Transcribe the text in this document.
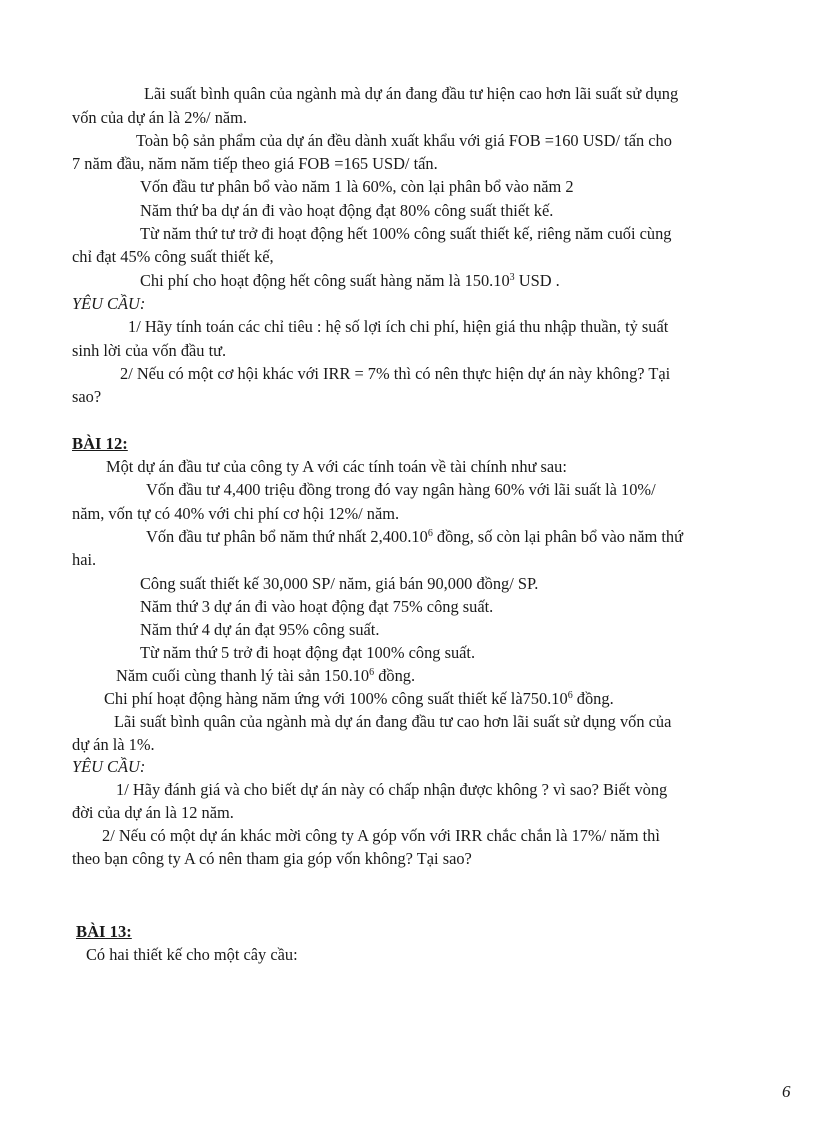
Lãi suất bình quân của ngành mà dự án đang đầu tư hiện cao hơn lãi suất sử dụng
vốn của dự án là 2%/ năm.
Toàn bộ sản phẩm của dự án đều dành xuất khẩu với giá FOB =160 USD/ tấn cho
7 năm đầu, năm năm tiếp theo giá FOB =165 USD/ tấn.
Vốn đầu tư phân bổ vào năm 1 là 60%, còn lại phân bổ vào năm 2
Năm thứ ba dự án đi vào hoạt động đạt 80% công suất thiết kế.
Từ năm thứ tư trở đi hoạt động hết 100% công suất thiết kế, riêng năm cuối cùng
chỉ đạt 45% công suất thiết kế,
Chi phí cho hoạt động hết công suất hàng năm là 150.10$^3$ USD .
YÊU CẦU:
1/ Hãy tính toán các chỉ tiêu : hệ số lợi ích chi phí, hiện giá thu nhập thuần, tỷ suất
sinh lời của vốn đầu tư.
2/ Nếu có một cơ hội khác với IRR = 7% thì có nên thực hiện dự án này không? Tại
sao?
BÀI 12:
Một dự án đầu tư của công ty A với các tính toán về tài chính như sau:
Vốn đầu tư 4,400 triệu đồng trong đó vay ngân hàng 60% với lãi suất là 10%/
năm, vốn tự có 40% với chi phí cơ hội 12%/ năm.
Vốn đầu tư phân bổ năm thứ nhất 2,400.10$^6$ đồng, số còn lại phân bổ vào năm thứ
hai.
Công suất thiết kế 30,000 SP/ năm, giá bán 90,000 đồng/ SP.
Năm thứ 3 dự án đi vào hoạt động đạt 75% công suất.
Năm thứ 4 dự án đạt 95% công suất.
Từ năm thứ 5 trở đi hoạt động đạt 100% công suất.
Năm cuối cùng thanh lý tài sản 150.10$^6$ đồng.
Chi phí hoạt động hàng năm ứng với 100% công suất thiết kế là750.10$^6$ đồng.
Lãi suất bình quân của ngành mà dự án đang đầu tư cao hơn lãi suất sử dụng vốn của
dự án là 1%.
YÊU CẦU:
1/ Hãy đánh giá và cho biết dự án này có chấp nhận được không ? vì sao? Biết vòng
đời của dự án là 12 năm.
2/ Nếu có một dự án khác mời công ty A góp vốn với IRR chắc chắn là 17%/ năm thì
theo bạn công ty A có nên tham gia góp vốn không? Tại sao?
BÀI 13:
Có hai thiết kế cho một cây cầu:
6
